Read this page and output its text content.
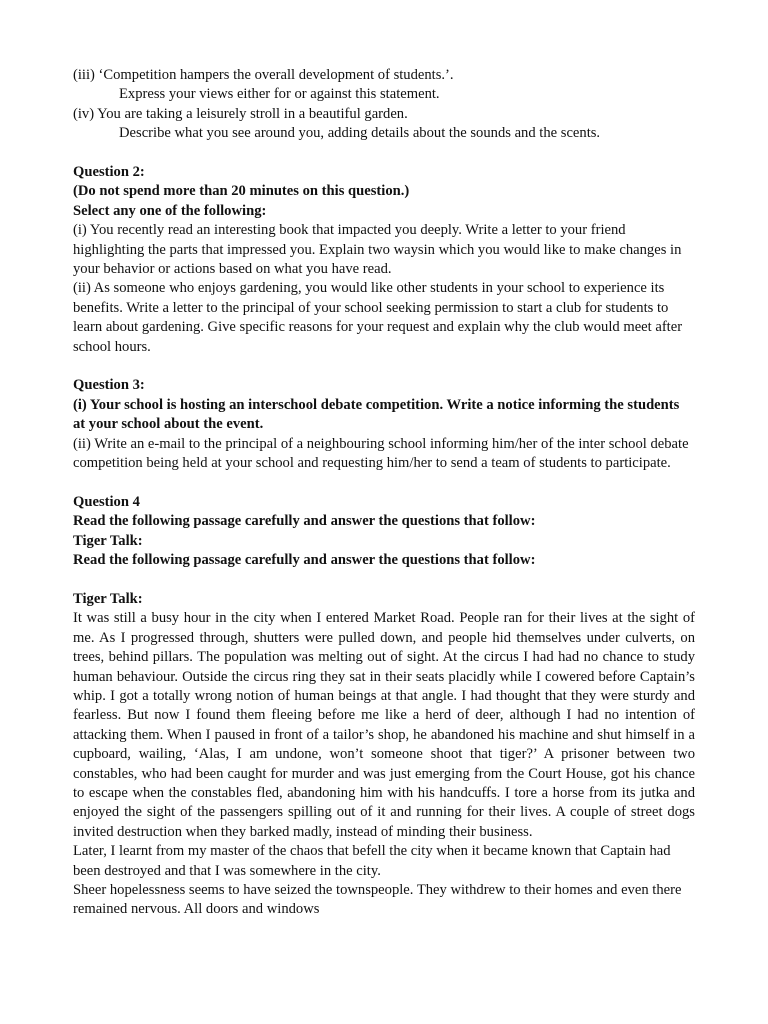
(iii) ‘Competition hampers the overall development of students.’.

Express your views either for or against this statement.

(iv) You are taking a leisurely stroll in a beautiful garden.

Describe what you see around you, adding details about the sounds and the scents.

Question 2:

(Do not spend more than 20 minutes on this question.)

Select any one of the following:

(i) You recently read an interesting book that impacted you deeply. Write a letter to your friend highlighting the parts that impressed you. Explain two waysin which you would like to make changes in your behavior or actions based on what you have read.

(ii) As someone who enjoys gardening, you would like other students in your school to experience its benefits. Write a letter to the principal of your school seeking permission to start a club for students to learn about gardening. Give specific reasons for your request and explain why the club would meet after school hours.

Question 3:

(i) Your school is hosting an interschool debate competition. Write a notice informing the students at your school about the event.

(ii) Write an e-mail to the principal of a neighbouring school informing him/her of the inter school debate competition being held at your school and requesting him/her to send a team of students to participate.

Question 4

Read the following passage carefully and answer the questions that follow:

Tiger Talk:

Read the following passage carefully and answer the questions that follow:

Tiger Talk:

It was still a busy hour in the city when I entered Market Road. People ran for their lives at the sight of me. As I progressed through, shutters were pulled down, and people hid themselves under culverts, on trees, behind pillars. The population was melting out of sight. At the circus I had had no chance to study human behaviour. Outside the circus ring they sat in their seats placidly while I cowered before Captain’s whip. I got a totally wrong notion of human beings at that angle. I had thought that they were sturdy and fearless. But now I found them fleeing before me like a herd of deer, although I had no intention of attacking them. When I paused in front of a tailor’s shop, he abandoned his machine and shut himself in a cupboard, wailing, ‘Alas, I am undone, won’t someone shoot that tiger?’ A prisoner between two constables, who had been caught for murder and was just emerging from the Court House, got his chance to escape when the constables fled, abandoning him with his handcuffs. I tore a horse from its jutka and enjoyed the sight of the passengers spilling out of it and running for their lives. A couple of street dogs invited destruction when they barked madly, instead of minding their business.

Later, I learnt from my master of the chaos that befell the city when it became known that Captain had been destroyed and that I was somewhere in the city.

Sheer hopelessness seems to have seized the townspeople. They withdrew to their homes and even there remained nervous. All doors and windows
